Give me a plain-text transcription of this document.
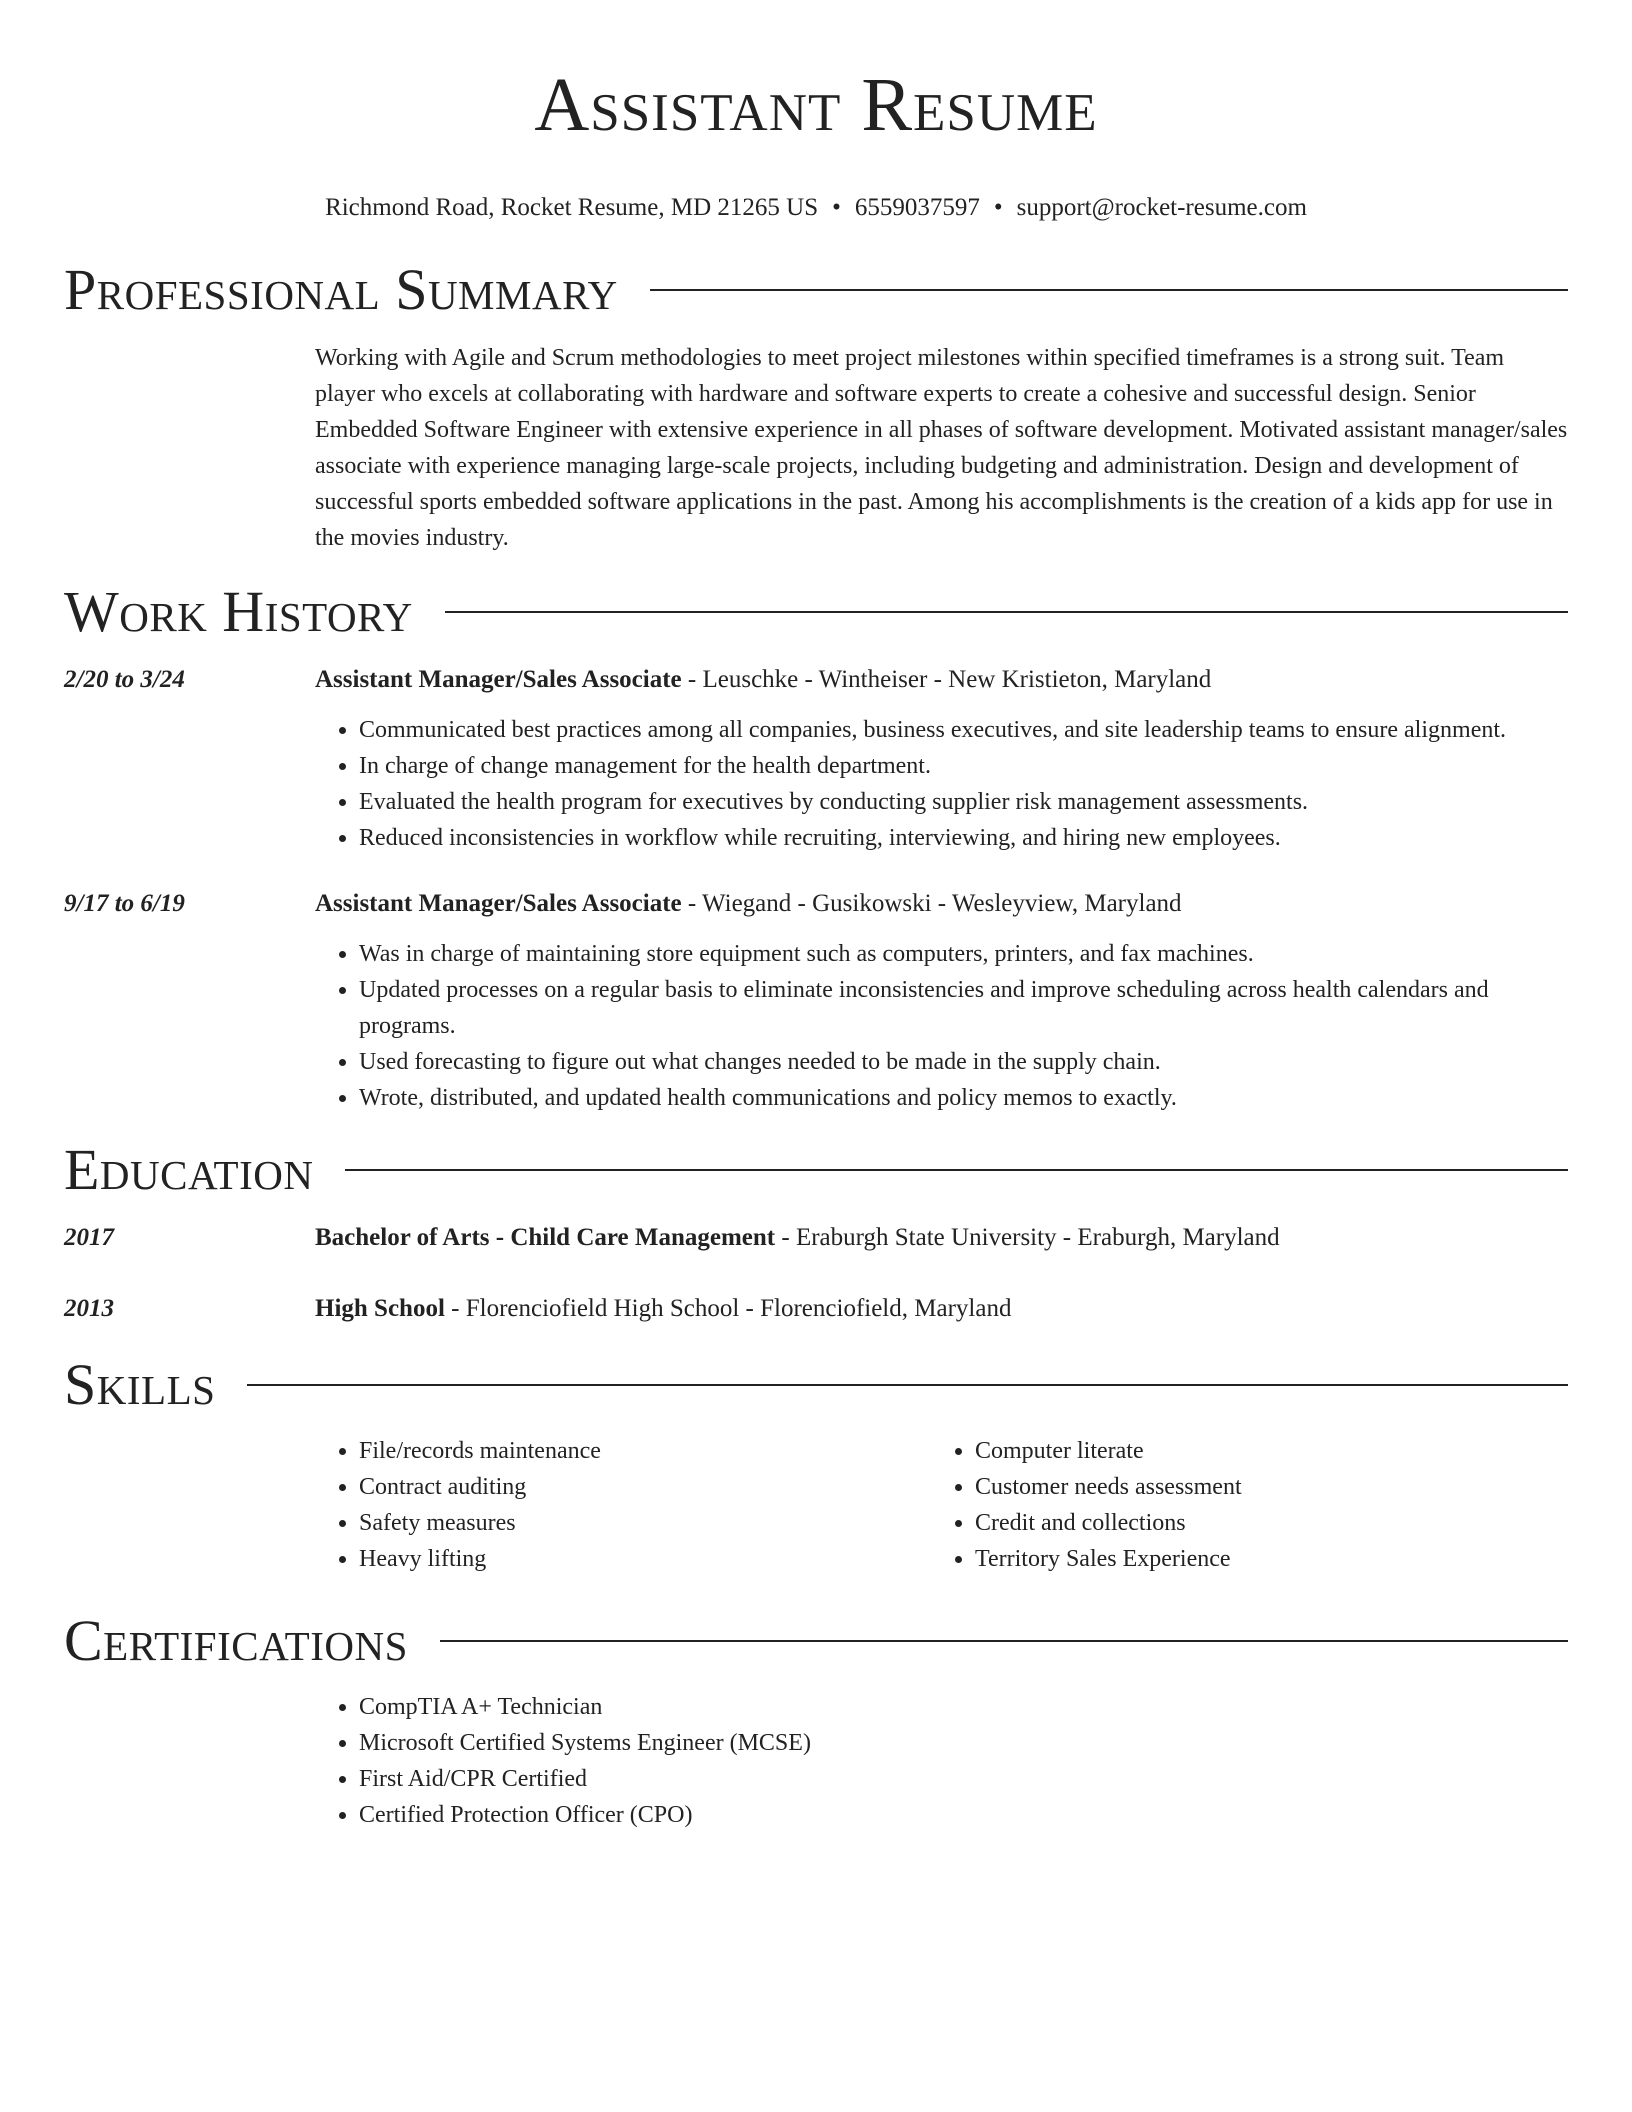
Assistant Resume
Richmond Road, Rocket Resume, MD 21265 US • 6559037597 • support@rocket-resume.com
Professional Summary
Working with Agile and Scrum methodologies to meet project milestones within specified timeframes is a strong suit. Team player who excels at collaborating with hardware and software experts to create a cohesive and successful design. Senior Embedded Software Engineer with extensive experience in all phases of software development. Motivated assistant manager/sales associate with experience managing large-scale projects, including budgeting and administration. Design and development of successful sports embedded software applications in the past. Among his accomplishments is the creation of a kids app for use in the movies industry.
Work History
2/20 to 3/24	Assistant Manager/Sales Associate - Leuschke - Wintheiser - New Kristieton, Maryland
• Communicated best practices among all companies, business executives, and site leadership teams to ensure alignment.
• In charge of change management for the health department.
• Evaluated the health program for executives by conducting supplier risk management assessments.
• Reduced inconsistencies in workflow while recruiting, interviewing, and hiring new employees.
9/17 to 6/19	Assistant Manager/Sales Associate - Wiegand - Gusikowski - Wesleyview, Maryland
• Was in charge of maintaining store equipment such as computers, printers, and fax machines.
• Updated processes on a regular basis to eliminate inconsistencies and improve scheduling across health calendars and programs.
• Used forecasting to figure out what changes needed to be made in the supply chain.
• Wrote, distributed, and updated health communications and policy memos to exactly.
Education
2017	Bachelor of Arts - Child Care Management - Eraburgh State University - Eraburgh, Maryland
2013	High School - Florenciofield High School - Florenciofield, Maryland
Skills
• File/records maintenance
• Contract auditing
• Safety measures
• Heavy lifting
• Computer literate
• Customer needs assessment
• Credit and collections
• Territory Sales Experience
Certifications
• CompTIA A+ Technician
• Microsoft Certified Systems Engineer (MCSE)
• First Aid/CPR Certified
• Certified Protection Officer (CPO)
